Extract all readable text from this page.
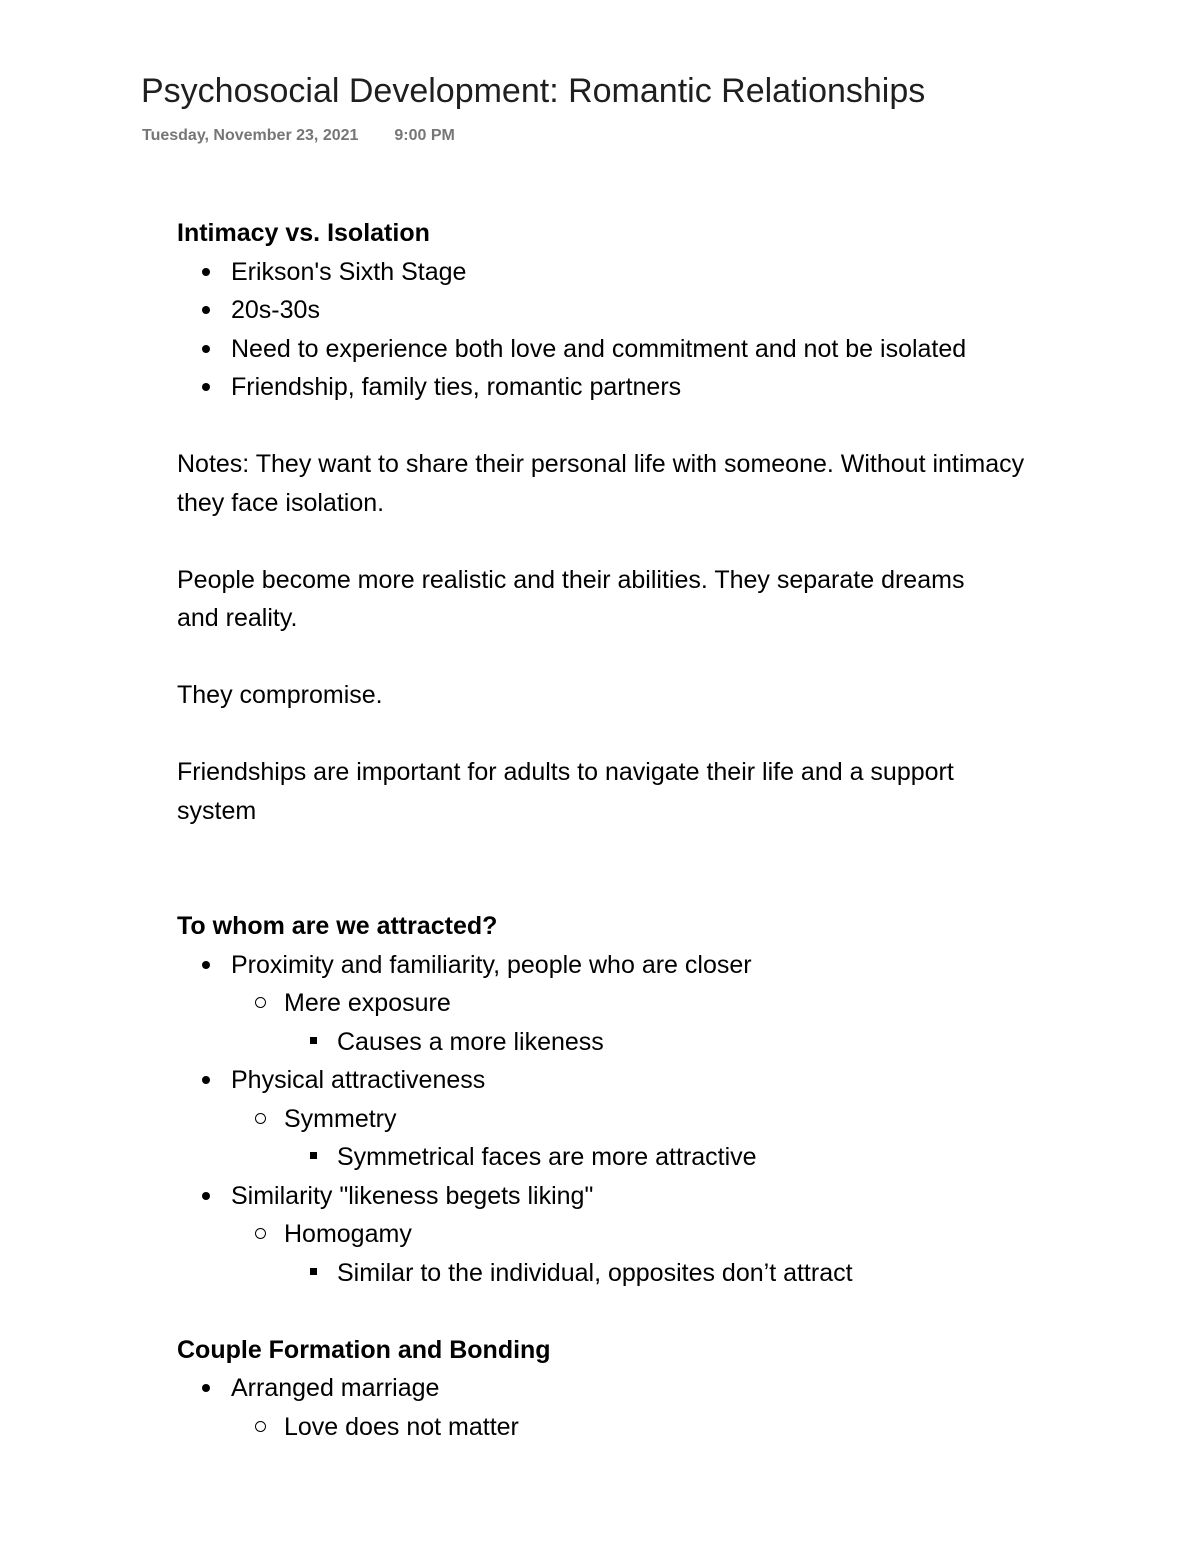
Psychosocial Development: Romantic Relationships
Tuesday, November 23, 2021 9:00 PM

Intimacy vs. Isolation

Erikson's Sixth Stage
20s-30s
Need to experience both love and commitment and not be isolated
Friendship, family ties, romantic partners

Notes: They want to share their personal life with someone. Without intimacy they face isolation.

People become more realistic and their abilities. They separate dreams and reality.

They compromise.

Friendships are important for adults to navigate their life and a support system

To whom are we attracted?

Proximity and familiarity, people who are closer
Mere exposure
Causes a more likeness
Physical attractiveness
Symmetry
Symmetrical faces are more attractive
Similarity "likeness begets liking"
Homogamy
Similar to the individual, opposites don’t attract

Couple Formation and Bonding

Arranged marriage
Love does not matter
